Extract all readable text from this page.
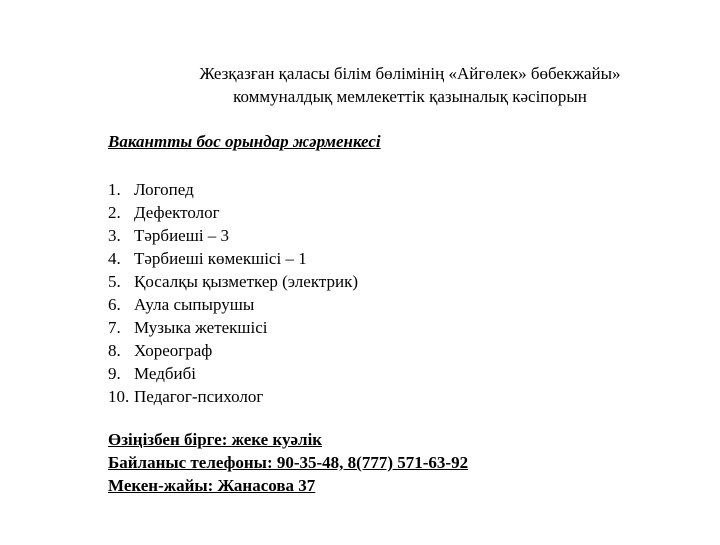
Жезқазған қаласы білім бөлімінің «Айгөлек» бөбекжайы»
коммуналдық мемлекеттік қазыналық кәсіпорын
Вакантты бос орындар жәрменкесі
1. Логопед
2. Дефектолог
3. Тәрбиеші – 3
4. Тәрбиеші көмекшісі – 1
5. Қосалқы қызметкер (электрик)
6. Аула сыпырушы
7. Музыка жетекшісі
8. Хореограф
9. Медбибі
10. Педагог-психолог
Өзіңізбен бірге: жеке куәлік
Байланыс телефоны: 90-35-48, 8(777) 571-63-92
Мекен-жайы: Жанасова 37
